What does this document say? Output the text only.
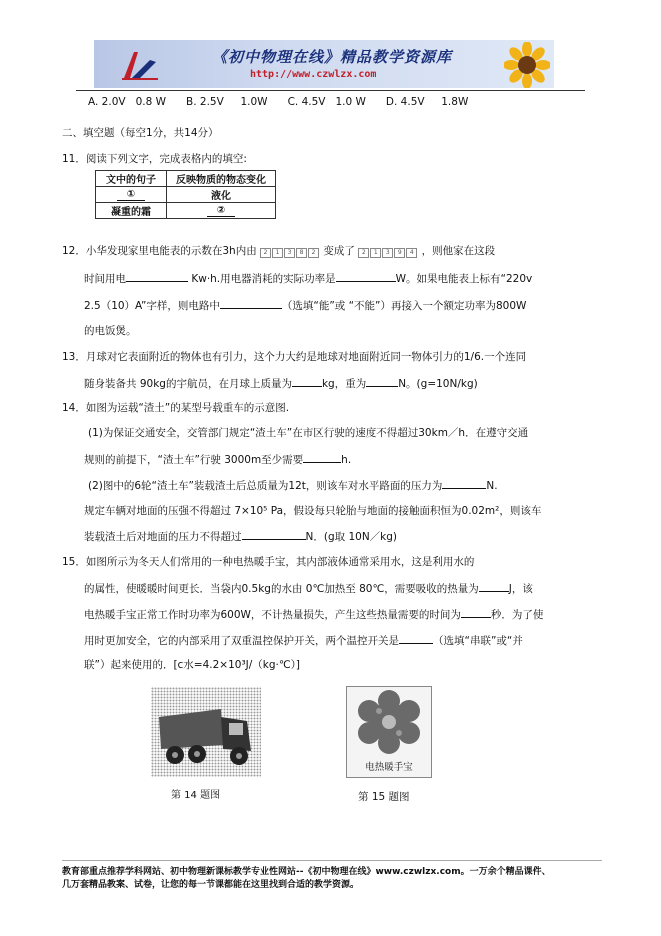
《初中物理在线》精品教学资源库
http://www.czwlzx.com
A. 2.0V   0.8 W      B. 2.5V     1.0W      C. 4.5V   1.0 W      D. 4.5V     1.8W
二、填空题（每空1分，共14分）
11．阅读下列文字，完成表格内的填空:
文中的句子	反映物质的物态变化
①	液化
凝重的霜	②
12．小华发现家里电能表的示数在3h内由 2 1 3 8 2 变成了 2 1 3 9 4 ，则他家在这段
时间用电	Kw·h.用电器消耗的实际功率是	W。如果电能表上标有“220v
2.5（10）A”字样，则电路中	（选填“能”或 “不能”）再接入一个额定功率为800W
的电饭煲。
13．月球对它表面附近的物体也有引力，这个力大约是地球对地面附近同一物体引力的1/6.一个连同
随身装备共 90kg的宇航员，在月球上质量为	kg，重为	N。(g=10N/kg)
14．如图为运载“渣土”的某型号载重车的示意图.
(1)为保证交通安全，交管部门规定“渣土车”在市区行驶的速度不得超过30km／h．在遵守交通
规则的前提下，“渣土车”行驶 3000m至少需要	h.
(2)图中的6轮“渣土车”装载渣土后总质量为12t，则该车对水平路面的压力为	N.
规定车辆对地面的压强不得超过 7×10⁵ Pa，假设每只轮胎与地面的接触面积恒为0.02m²，则该车
装载渣土后对地面的压力不得超过	N．(g取 10N／kg)
15．如图所示为冬天人们常用的一种电热暖手宝，其内部液体通常采用水，这是利用水的
的属性，使暖暖时间更长．当袋内0.5kg的水由 0℃加热至 80℃，需要吸收的热量为	J，该
电热暖手宝正常工作时功率为600W，不计热量损失，产生这些热量需要的时间为	秒．为了使
用时更加安全，它的内部采用了双重温控保护开关，两个温控开关是	（选填“串联”或“并
联”）起来使用的．[c水=4.2×10³J/（kg·℃）]
第 14 题图
电热暖手宝
第 15 题图
教育部重点推荐学科网站、初中物理新课标教学专业性网站--《初中物理在线》www.czwlzx.com。一万余个精品课件、
几万套精品教案、试卷，让您的每一节课都能在这里找到合适的教学资源。
